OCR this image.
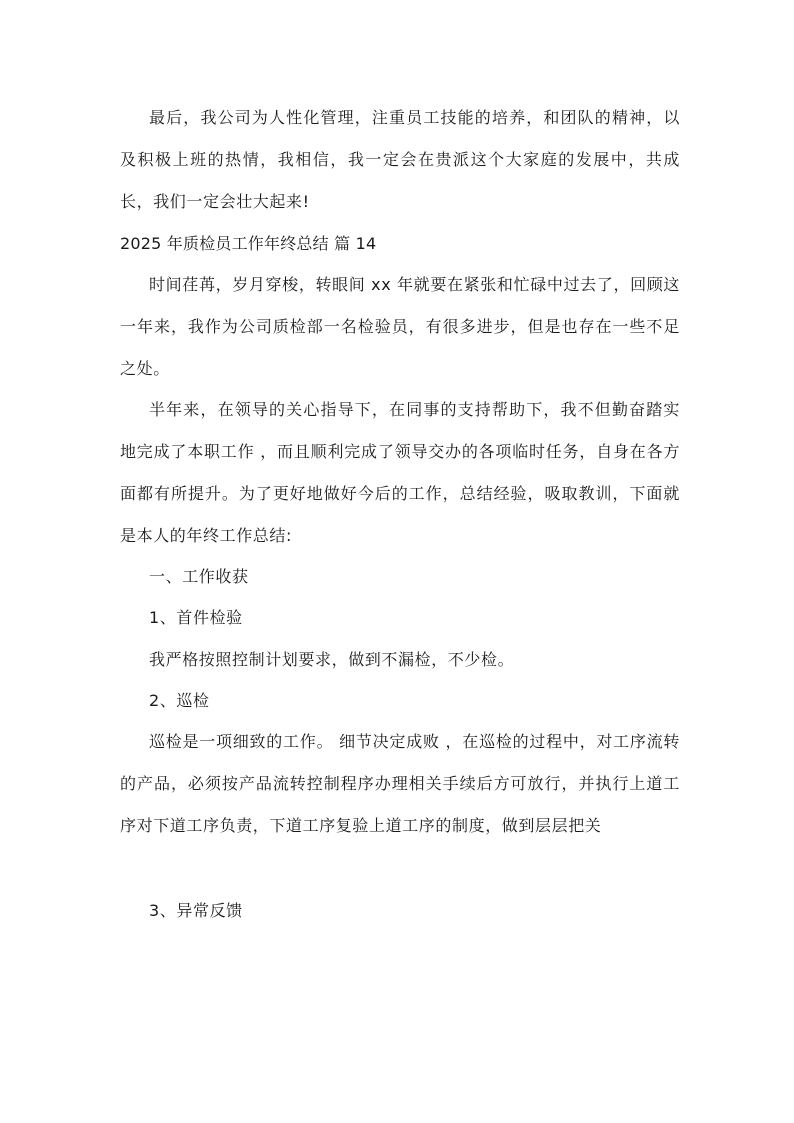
最后，我公司为人性化管理，注重员工技能的培养，和团队的精神，以及积极上班的热情，我相信，我一定会在贵派这个大家庭的发展中，共成长，我们一定会壮大起来!

2025 年质检员工作年终总结 篇 14

时间荏苒，岁月穿梭，转眼间 xx 年就要在紧张和忙碌中过去了，回顾这一年来，我作为公司质检部一名检验员，有很多进步，但是也存在一些不足之处。

半年来，在领导的关心指导下，在同事的支持帮助下，我不但勤奋踏实地完成了本职工作 ，而且顺利完成了领导交办的各项临时任务，自身在各方面都有所提升。为了更好地做好今后的工作，总结经验，吸取教训，下面就是本人的年终工作总结:

一、工作收获

1、首件检验

我严格按照控制计划要求，做到不漏检，不少检。

2、巡检

巡检是一项细致的工作。 细节决定成败 ，在巡检的过程中，对工序流转的产品，必须按产品流转控制程序办理相关手续后方可放行，并执行上道工序对下道工序负责，下道工序复验上道工序的制度，做到层层把关

3、异常反馈
